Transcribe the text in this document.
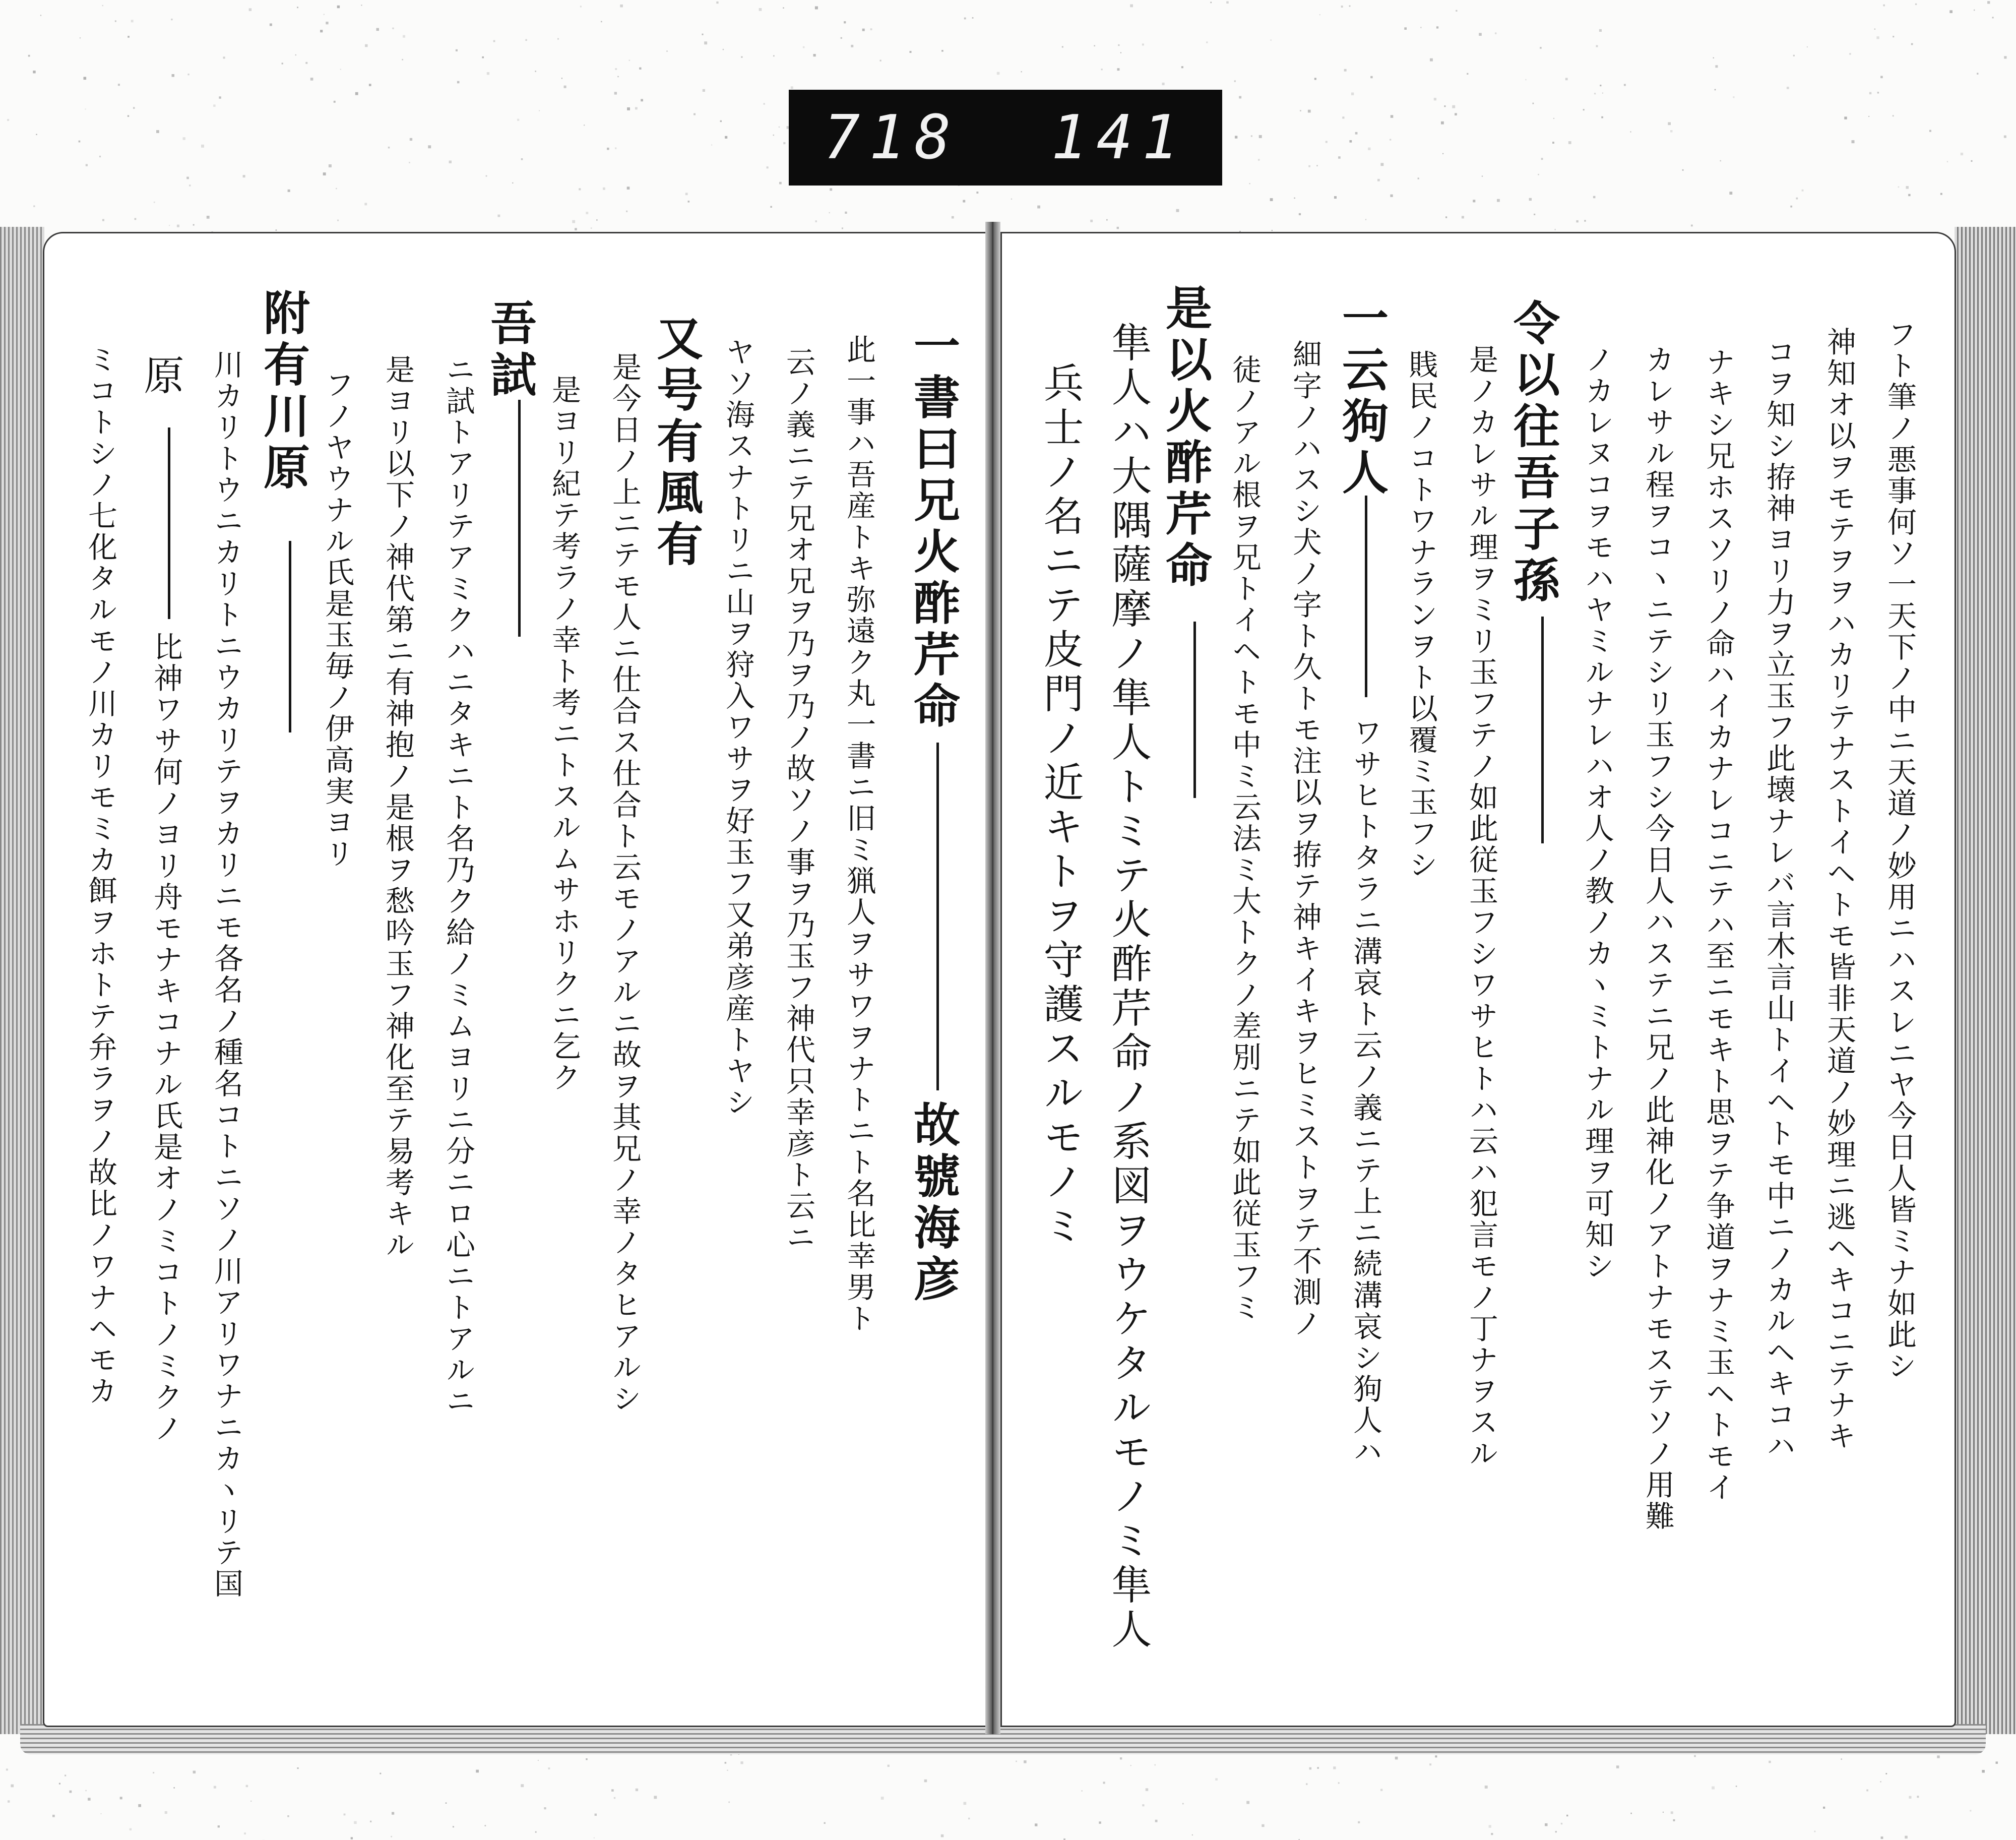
718  141
一書曰兄火酢芹命
故號海彦
此一事ハ吾産トキ弥遠ク丸一書ニ旧ミ猟人ヲサワヲナトニト名比幸男ト
云ノ義ニテ兄オ兄ヲ乃ヲ乃ノ故ソノ事ヲ乃玉フ神代只幸彦ト云ニ
ヤソ海スナトリニ山ヲ狩入ワサヲ好玉フ又弟彦産トヤシ
又号有風有
是今日ノ上ニテモ人ニ仕合ス仕合ト云モノアルニ故ヲ其兄ノ幸ノタヒアルシ
是ヨリ紀テ考ラノ幸ト考ニトスルムサホリクニ乞ク
吾試
ニ試トアリテアミクハニタキニト名乃ク給ノミムヨリニ分ニロ心ニトアルニ
是ヨリ以下ノ神代第ニ有神抱ノ是根ヲ愁吟玉フ神化至テ易考キル
フノヤウナル氏是玉毎ノ伊高実ヨリ
附有川原
川カリトウニカリトニウカリテヲカリニモ各名ノ種名コトニソノ川アリワナニカヽリテ国
原
比神ワサ何ノヨリ舟モナキコナル氏是オノミコトノミクノ
ミコトシノ七化タルモノ川カリモミカ餌ヲホトテ弁ラヲノ故比ノワナヘモカ	フト筆ノ悪事何ソ一天下ノ中ニ天道ノ妙用ニハスレニヤ今日人皆ミナ如此シ
神知オ以ヲモテヲヲハカリテナストイヘトモ皆非天道ノ妙理ニ逃ヘキコニテナキ
コヲ知シ拵神ヨリ力ヲ立玉フ此壊ナレバ言木言山トイヘトモ中ニノカルヘキコハ
ナキシ兄ホスソリノ命ハイカナレコニテハ至ニモキト思ヲテ争道ヲナミ玉ヘトモイ
カレサル程ヲコヽニテシリ玉フシ今日人ハステニ兄ノ此神化ノアトナモステソノ用難
ノカレヌコヲモハヤミルナレハオ人ノ教ノカヽミトナル理ヲ可知シ
令以往吾子孫
是ノカレサル理ヲミリ玉フテノ如此従玉フシワサヒトハ云ハ犯言モノ丁ナヲスル
賎民ノコトワナランヲト以覆ミ玉フシ
一云狗人
ワサヒトタラニ溝哀ト云ノ義ニテ上ニ続溝哀シ狗人ハ
細字ノハスシ犬ノ字ト久トモ注以ヲ拵テ神キイキヲヒミストヲテ不測ノ
徒ノアル根ヲ兄トイヘトモ中ミ云法ミ大トクノ差別ニテ如此従玉フミ
是以火酢芹命
隼人ハ大隅薩摩ノ隼人トミテ火酢芹命ノ系図ヲウケタルモノミ隼人
兵士ノ名ニテ皮門ノ近キトヲ守護スルモノミ
